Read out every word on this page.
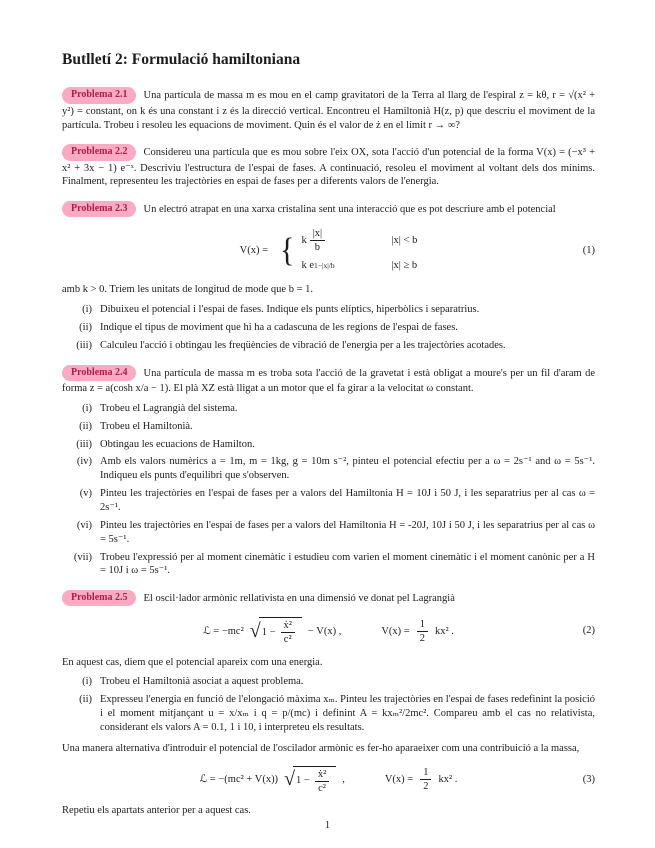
Butlletí 2: Formulació hamiltoniana

Problema 2.1 Una partícula de massa m es mou en el camp gravitatori de la Terra al llarg de l'espiral z = kθ, r = √(x² + y²) = constant, on k és una constant i z és la direcció vertical. Encontreu el Hamiltonià H(z, p) que descriu el moviment de la partícula. Trobeu i resoleu les equacions de moviment. Quin és el valor de ż en el límit r → ∞?

Problema 2.2 Considereu una partícula que es mou sobre l'eix OX, sota l'acció d'un potencial de la forma V(x) = (−x³ + x² + 3x − 1) e⁻ˣ. Descriviu l'estructura de l'espai de fases. A continuació, resoleu el moviment al voltant dels dos mínims. Finalment, representeu les trajectòries en espai de fases per a diferents valors de l'energia.

Problema 2.3 Un electró atrapat en una xarxa cristalina sent una interacció que es pot descriure amb el potencial

V(x) = { k $\frac{|x|}{b}$	|x| < b
k e 1−|x|/b	|x| ≥ b
(1)

amb k > 0. Triem les unitats de longitud de mode que b = 1.

(i) Dibuixeu el potencial i l'espai de fases. Indique els punts elíptics, hiperbòlics i separatrius.
(ii) Indique el tipus de moviment que hi ha a cadascuna de les regions de l'espai de fases.
(iii) Calculeu l'acció i obtingau les freqüències de vibració de l'energia per a les trajectòries acotades.

Problema 2.4 Una partícula de massa m es troba sota l'acció de la gravetat i està obligat a moure's per un fil d'aram de forma z = a(cosh x/a − 1). El plà XZ està lligat a un motor que el fa girar a la velocitat ω constant.

(i) Trobeu el Lagrangià del sistema.
(ii) Trobeu el Hamiltonià.
(iii) Obtingau les ecuacions de Hamilton.
(iv) Amb els valors numèrics a = 1m, m = 1kg, g = 10m s⁻², pinteu el potencial efectiu per a ω = 2s⁻¹ and ω = 5s⁻¹. Indiqueu els punts d'equilibri que s'observen.
(v) Pinteu les trajectòries en l'espai de fases per a valors del Hamiltonia H = 10J i 50 J, i les separatrius per al cas ω = 2s⁻¹.
(vi) Pinteu les trajectòries en l'espai de fases per a valors del Hamiltonia H = -20J, 10J i 50 J, i les separatrius per al cas ω = 5s⁻¹.
(vii) Trobeu l'expressió per al moment cinemàtic i estudieu com varien el moment cinemàtic i el moment canònic per a H = 10J i ω = 5s⁻¹.

Problema 2.5 El oscil·lador armònic rellativista en una dimensió ve donat pel Lagrangià

ℒ = −mc² √ $1 - \frac{\text{ẋ²}}{\text{c²}} - V(x)$ ,	$V(x) = \frac{1}{2} kx^2$ .	(2)

En aquest cas, diem que el potencial apareix com una energia.

(i) Trobeu el Hamiltonià asociat a aquest problema.
(ii) Expresseu l'energia en funció de l'elongació màxima xₘ. Pinteu les trajectòries en l'espai de fases redefinint la posició i el moment mitjançant u = x/xₘ i q = p/(mc) i definint A = kxₘ²/2mc². Compareu amb el cas no relativista, considerant els valors A = 0.1, 1 i 10, i interpreteu els resultats.

Una manera alternativa d'introduir el potencial de l'oscilador armònic es fer-ho aparaeixer com una contribuició a la massa,

ℒ = −(mc² + V(x)) √ $1 - \frac{\text{ẋ²}}{\text{c²}}$ ,	$V(x) = \frac{1}{2} kx^2$ .	(3)

Repetiu els apartats anterior per a aquest cas.

1
